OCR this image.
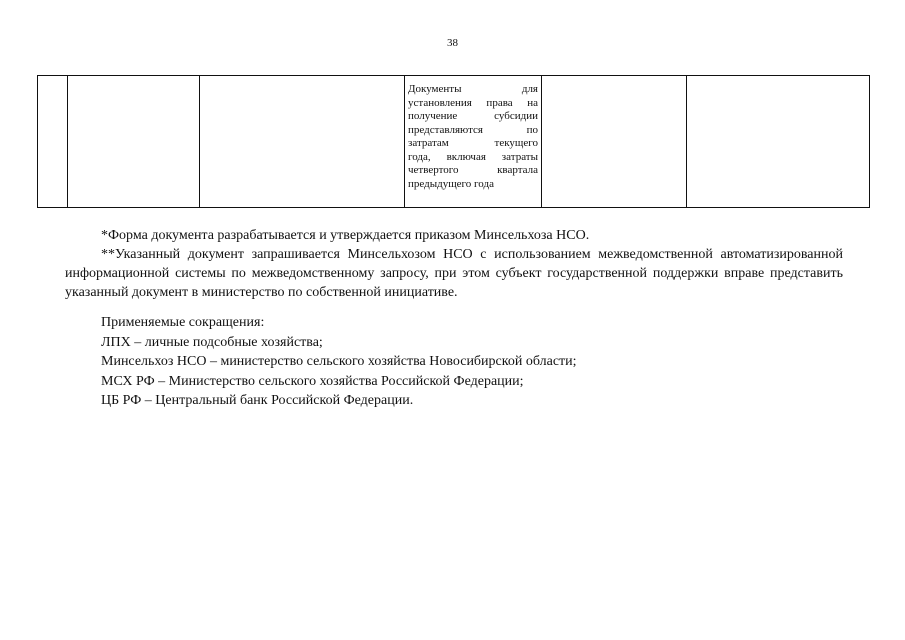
38

Документы для
установления права на
получение субсидии
представляются по
затратам текущего
года, включая затраты
четвертого квартала
предыдущего года

*Форма документа разрабатывается и утверждается приказом Минсельхоза НСО.

**Указанный документ запрашивается Минсельхозом НСО с использованием межведомственной автоматизированной информационной системы по межведомственному запросу, при этом субъект государственной поддержки вправе представить указанный документ в министерство по собственной инициативе.

Применяемые сокращения:

ЛПХ – личные подсобные хозяйства;

Минсельхоз НСО – министерство сельского хозяйства Новосибирской области;

МСХ РФ – Министерство сельского хозяйства Российской Федерации;

ЦБ РФ – Центральный банк Российской Федерации.
